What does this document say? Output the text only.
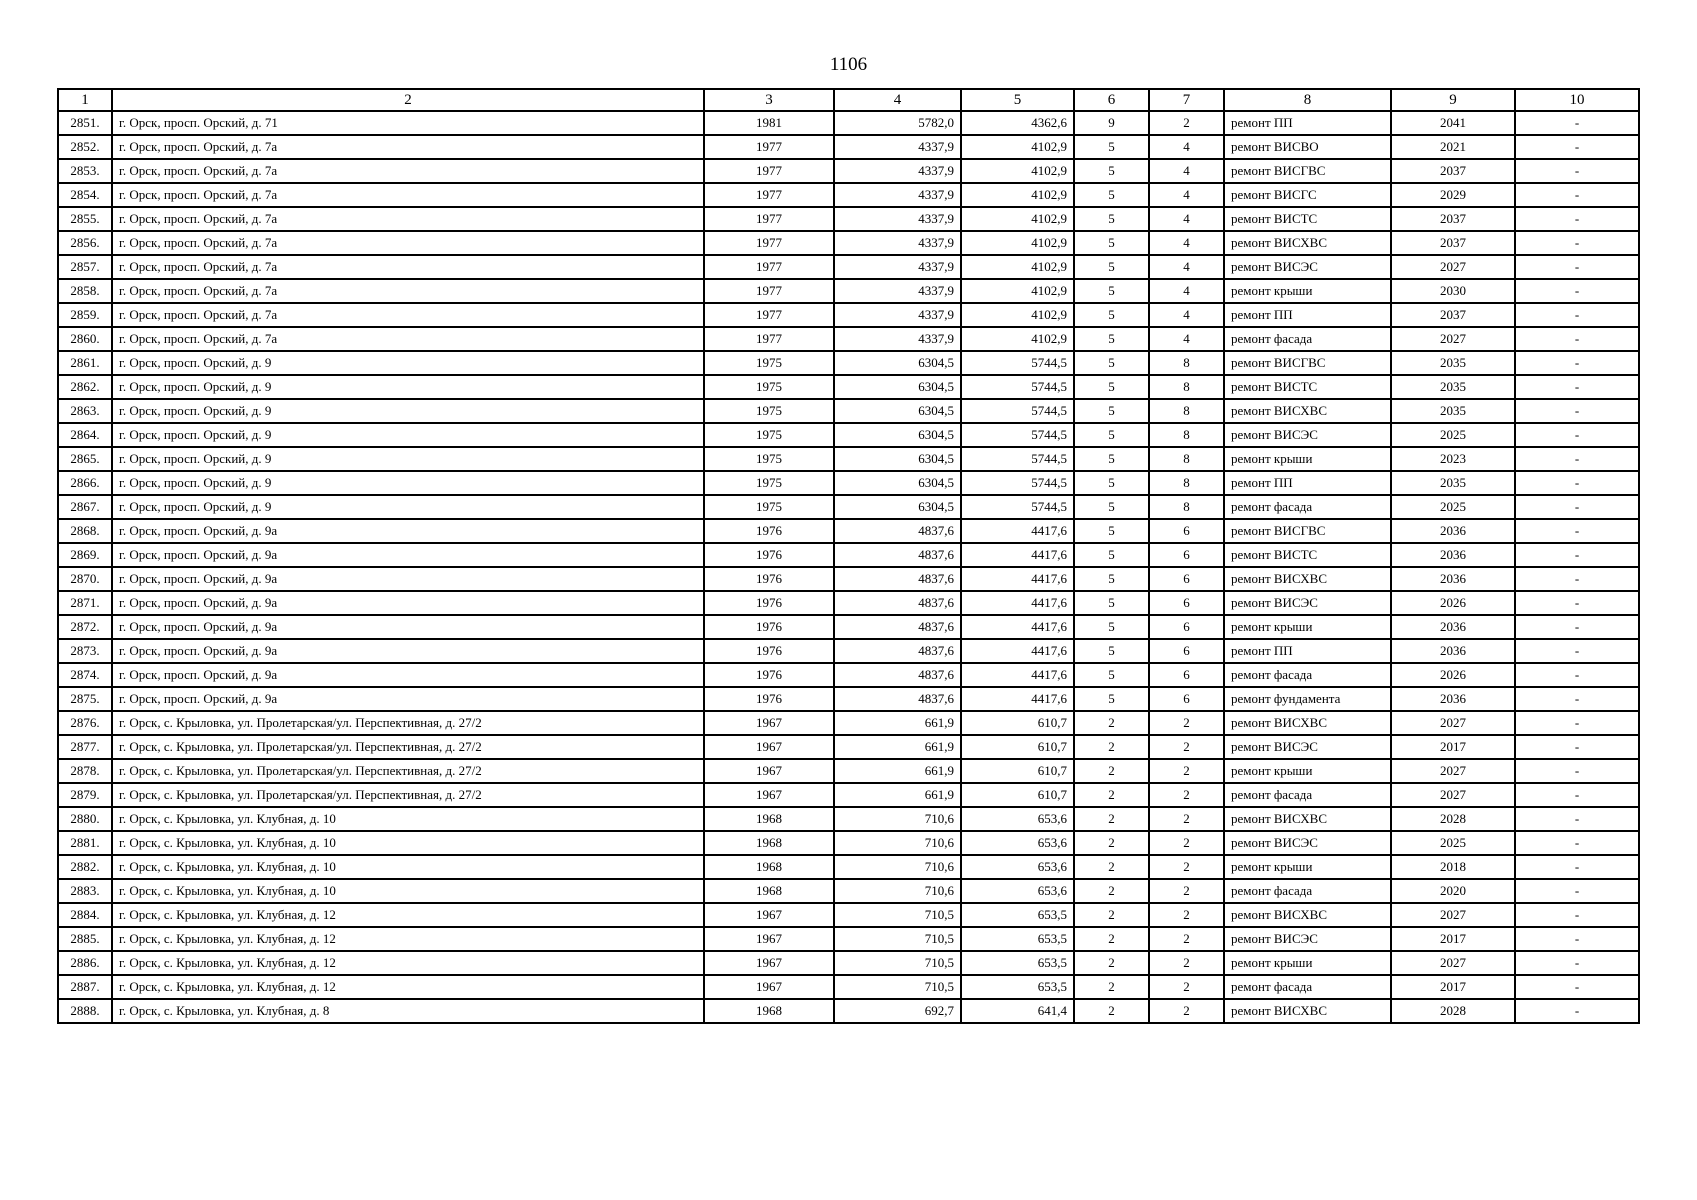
1106
1	2	3	4	5	6	7	8	9	10
2851.	г. Орск, просп. Орский, д. 71	1981	5782,0	4362,6	9	2	ремонт ПП	2041	-
2852.	г. Орск, просп. Орский, д. 7а	1977	4337,9	4102,9	5	4	ремонт ВИСВО	2021	-
2853.	г. Орск, просп. Орский, д. 7а	1977	4337,9	4102,9	5	4	ремонт ВИСГВС	2037	-
2854.	г. Орск, просп. Орский, д. 7а	1977	4337,9	4102,9	5	4	ремонт ВИСГС	2029	-
2855.	г. Орск, просп. Орский, д. 7а	1977	4337,9	4102,9	5	4	ремонт ВИСТС	2037	-
2856.	г. Орск, просп. Орский, д. 7а	1977	4337,9	4102,9	5	4	ремонт ВИСХВС	2037	-
2857.	г. Орск, просп. Орский, д. 7а	1977	4337,9	4102,9	5	4	ремонт ВИСЭС	2027	-
2858.	г. Орск, просп. Орский, д. 7а	1977	4337,9	4102,9	5	4	ремонт крыши	2030	-
2859.	г. Орск, просп. Орский, д. 7а	1977	4337,9	4102,9	5	4	ремонт ПП	2037	-
2860.	г. Орск, просп. Орский, д. 7а	1977	4337,9	4102,9	5	4	ремонт фасада	2027	-
2861.	г. Орск, просп. Орский, д. 9	1975	6304,5	5744,5	5	8	ремонт ВИСГВС	2035	-
2862.	г. Орск, просп. Орский, д. 9	1975	6304,5	5744,5	5	8	ремонт ВИСТС	2035	-
2863.	г. Орск, просп. Орский, д. 9	1975	6304,5	5744,5	5	8	ремонт ВИСХВС	2035	-
2864.	г. Орск, просп. Орский, д. 9	1975	6304,5	5744,5	5	8	ремонт ВИСЭС	2025	-
2865.	г. Орск, просп. Орский, д. 9	1975	6304,5	5744,5	5	8	ремонт крыши	2023	-
2866.	г. Орск, просп. Орский, д. 9	1975	6304,5	5744,5	5	8	ремонт ПП	2035	-
2867.	г. Орск, просп. Орский, д. 9	1975	6304,5	5744,5	5	8	ремонт фасада	2025	-
2868.	г. Орск, просп. Орский, д. 9а	1976	4837,6	4417,6	5	6	ремонт ВИСГВС	2036	-
2869.	г. Орск, просп. Орский, д. 9а	1976	4837,6	4417,6	5	6	ремонт ВИСТС	2036	-
2870.	г. Орск, просп. Орский, д. 9а	1976	4837,6	4417,6	5	6	ремонт ВИСХВС	2036	-
2871.	г. Орск, просп. Орский, д. 9а	1976	4837,6	4417,6	5	6	ремонт ВИСЭС	2026	-
2872.	г. Орск, просп. Орский, д. 9а	1976	4837,6	4417,6	5	6	ремонт крыши	2036	-
2873.	г. Орск, просп. Орский, д. 9а	1976	4837,6	4417,6	5	6	ремонт ПП	2036	-
2874.	г. Орск, просп. Орский, д. 9а	1976	4837,6	4417,6	5	6	ремонт фасада	2026	-
2875.	г. Орск, просп. Орский, д. 9а	1976	4837,6	4417,6	5	6	ремонт фундамента	2036	-
2876.	г. Орск, с. Крыловка, ул. Пролетарская/ул. Перспективная, д. 27/2	1967	661,9	610,7	2	2	ремонт ВИСХВС	2027	-
2877.	г. Орск, с. Крыловка, ул. Пролетарская/ул. Перспективная, д. 27/2	1967	661,9	610,7	2	2	ремонт ВИСЭС	2017	-
2878.	г. Орск, с. Крыловка, ул. Пролетарская/ул. Перспективная, д. 27/2	1967	661,9	610,7	2	2	ремонт крыши	2027	-
2879.	г. Орск, с. Крыловка, ул. Пролетарская/ул. Перспективная, д. 27/2	1967	661,9	610,7	2	2	ремонт фасада	2027	-
2880.	г. Орск, с. Крыловка, ул. Клубная, д. 10	1968	710,6	653,6	2	2	ремонт ВИСХВС	2028	-
2881.	г. Орск, с. Крыловка, ул. Клубная, д. 10	1968	710,6	653,6	2	2	ремонт ВИСЭС	2025	-
2882.	г. Орск, с. Крыловка, ул. Клубная, д. 10	1968	710,6	653,6	2	2	ремонт крыши	2018	-
2883.	г. Орск, с. Крыловка, ул. Клубная, д. 10	1968	710,6	653,6	2	2	ремонт фасада	2020	-
2884.	г. Орск, с. Крыловка, ул. Клубная, д. 12	1967	710,5	653,5	2	2	ремонт ВИСХВС	2027	-
2885.	г. Орск, с. Крыловка, ул. Клубная, д. 12	1967	710,5	653,5	2	2	ремонт ВИСЭС	2017	-
2886.	г. Орск, с. Крыловка, ул. Клубная, д. 12	1967	710,5	653,5	2	2	ремонт крыши	2027	-
2887.	г. Орск, с. Крыловка, ул. Клубная, д. 12	1967	710,5	653,5	2	2	ремонт фасада	2017	-
2888.	г. Орск, с. Крыловка, ул. Клубная, д. 8	1968	692,7	641,4	2	2	ремонт ВИСХВС	2028	-
